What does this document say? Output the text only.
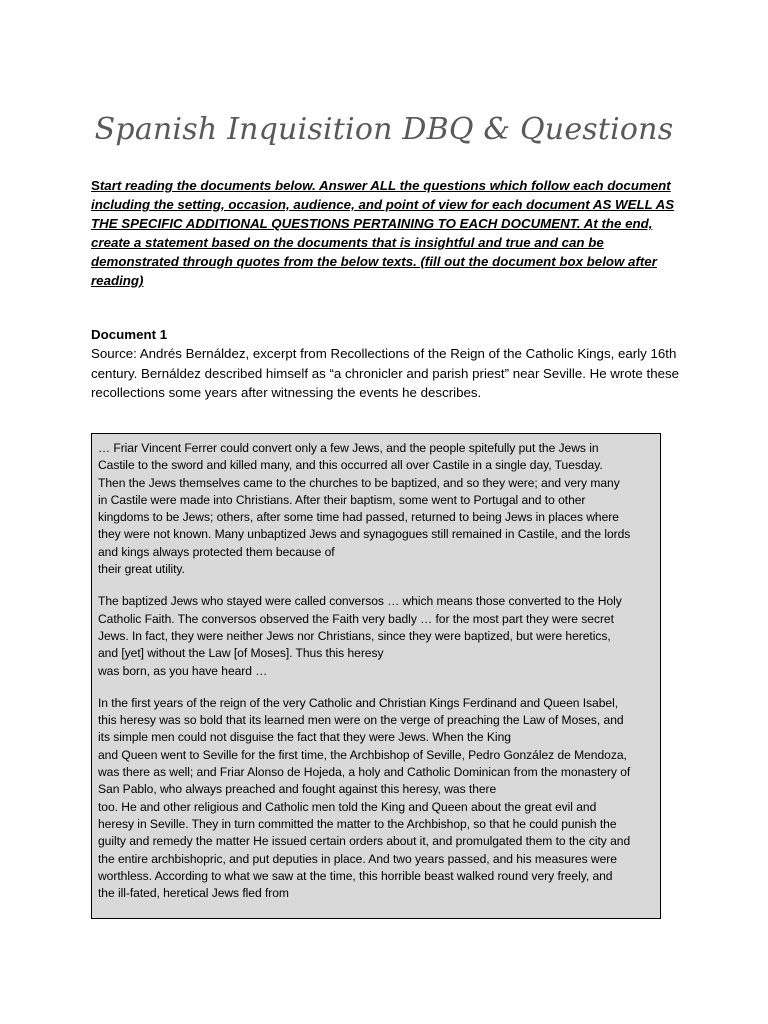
Spanish Inquisition DBQ & Questions

Start reading the documents below. Answer ALL the questions which follow each document including the setting, occasion, audience, and point of view for each document AS WELL AS THE SPECIFIC ADDITIONAL QUESTIONS PERTAINING TO EACH DOCUMENT. At the end, create a statement based on the documents that is insightful and true and can be demonstrated through quotes from the below texts. (fill out the document box below after reading)

Document 1

Source: Andrés Bernáldez, excerpt from Recollections of the Reign of the Catholic Kings, early 16th century. Bernáldez described himself as “a chronicler and parish priest” near Seville. He wrote these recollections some years after witnessing the events he describes.

… Friar Vincent Ferrer could convert only a few Jews, and the people spitefully put the Jews in
Castile to the sword and killed many, and this occurred all over Castile in a single day, Tuesday.
Then the Jews themselves came to the churches to be baptized, and so they were; and very many
in Castile were made into Christians. After their baptism, some went to Portugal and to other
kingdoms to be Jews; others, after some time had passed, returned to being Jews in places where
they were not known. Many unbaptized Jews and synagogues still remained in Castile, and the lords
and kings always protected them because of
their great utility.

The baptized Jews who stayed were called conversos … which means those converted to the Holy
Catholic Faith. The conversos observed the Faith very badly … for the most part they were secret
Jews. In fact, they were neither Jews nor Christians, since they were baptized, but were heretics,
and [yet] without the Law [of Moses]. Thus this heresy
was born, as you have heard …

In the first years of the reign of the very Catholic and Christian Kings Ferdinand and Queen Isabel,
this heresy was so bold that its learned men were on the verge of preaching the Law of Moses, and
its simple men could not disguise the fact that they were Jews. When the King
and Queen went to Seville for the first time, the Archbishop of Seville, Pedro González de Mendoza,
was there as well; and Friar Alonso de Hojeda, a holy and Catholic Dominican from the monastery of
San Pablo, who always preached and fought against this heresy, was there
too. He and other religious and Catholic men told the King and Queen about the great evil and
heresy in Seville. They in turn committed the matter to the Archbishop, so that he could punish the
guilty and remedy the matter He issued certain orders about it, and promulgated them to the city and
the entire archbishopric, and put deputies in place. And two years passed, and his measures were
worthless. According to what we saw at the time, this horrible beast walked round very freely, and
the ill-fated, heretical Jews fled from
